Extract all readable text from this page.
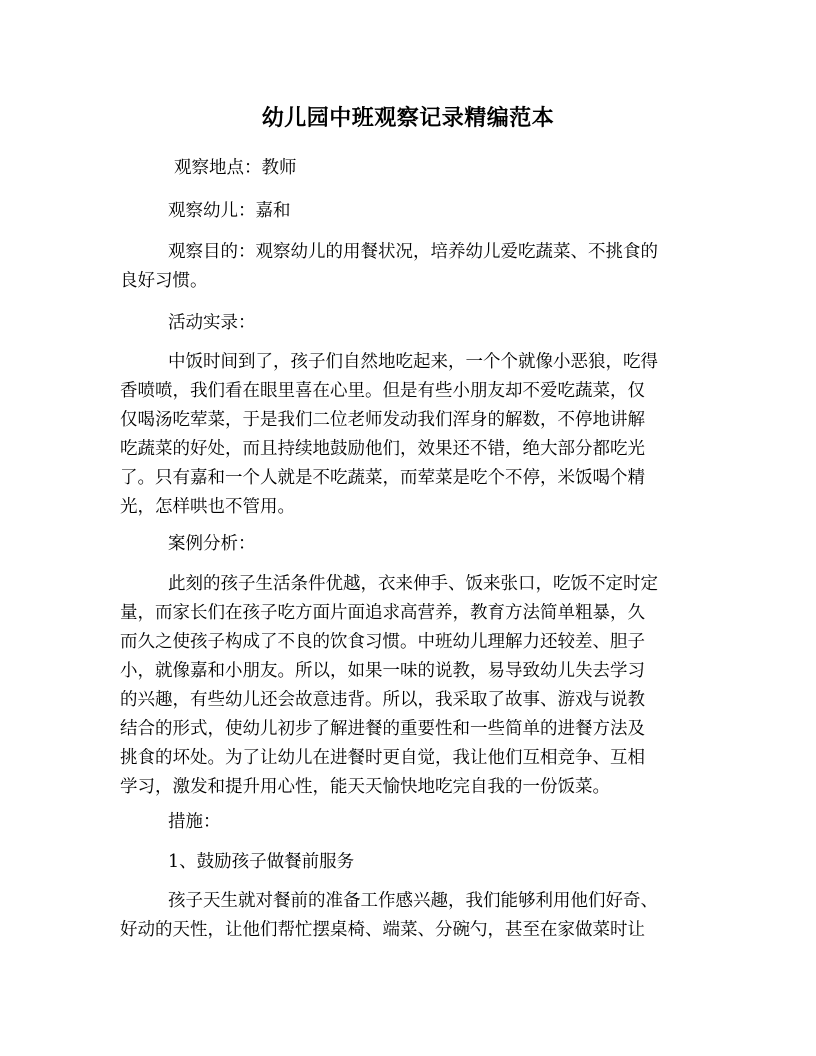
幼儿园中班观察记录精编范本

观察地点：教师

观察幼儿：嘉和

观察目的：观察幼儿的用餐状况，培养幼儿爱吃蔬菜、不挑食的

良好习惯。

活动实录：

中饭时间到了，孩子们自然地吃起来，一个个就像小恶狼，吃得

香喷喷，我们看在眼里喜在心里。但是有些小朋友却不爱吃蔬菜，仅

仅喝汤吃荤菜，于是我们二位老师发动我们浑身的解数，不停地讲解

吃蔬菜的好处，而且持续地鼓励他们，效果还不错，绝大部分都吃光

了。只有嘉和一个人就是不吃蔬菜，而荤菜是吃个不停，米饭喝个精

光，怎样哄也不管用。

案例分析：

此刻的孩子生活条件优越，衣来伸手、饭来张口，吃饭不定时定

量，而家长们在孩子吃方面片面追求高营养，教育方法简单粗暴，久

而久之使孩子构成了不良的饮食习惯。中班幼儿理解力还较差、胆子

小，就像嘉和小朋友。所以，如果一味的说教，易导致幼儿失去学习

的兴趣，有些幼儿还会故意违背。所以，我采取了故事、游戏与说教

结合的形式，使幼儿初步了解进餐的重要性和一些简单的进餐方法及

挑食的坏处。为了让幼儿在进餐时更自觉，我让他们互相竞争、互相

学习，激发和提升用心性，能天天愉快地吃完自我的一份饭菜。

措施：

1、鼓励孩子做餐前服务

孩子天生就对餐前的准备工作感兴趣，我们能够利用他们好奇、

好动的天性，让他们帮忙摆桌椅、端菜、分碗勺，甚至在家做菜时让
